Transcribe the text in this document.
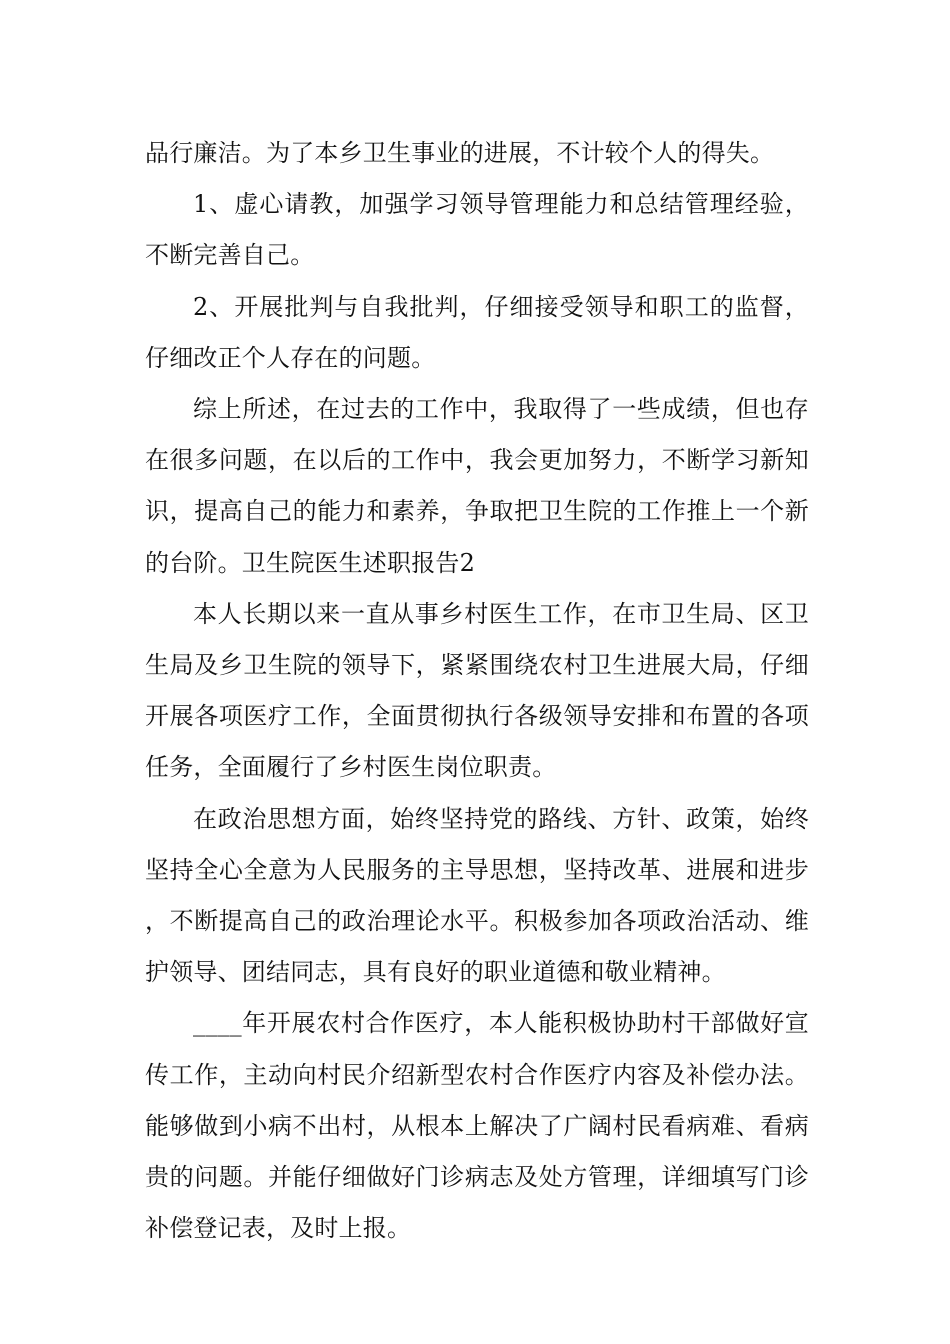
品行廉洁。为了本乡卫生事业的进展，不计较个人的得失。

1、虚心请教，加强学习领导管理能力和总结管理经验，不断完善自己。

2、开展批判与自我批判，仔细接受领导和职工的监督，仔细改正个人存在的问题。

综上所述，在过去的工作中，我取得了一些成绩，但也存在很多问题，在以后的工作中，我会更加努力，不断学习新知识，提高自己的能力和素养，争取把卫生院的工作推上一个新的台阶。卫生院医生述职报告2

本人长期以来一直从事乡村医生工作，在市卫生局、区卫生局及乡卫生院的领导下，紧紧围绕农村卫生进展大局，仔细开展各项医疗工作，全面贯彻执行各级领导安排和布置的各项任务，全面履行了乡村医生岗位职责。

在政治思想方面，始终坚持党的路线、方针、政策，始终坚持全心全意为人民服务的主导思想，坚持改革、进展和进步，不断提高自己的政治理论水平。积极参加各项政治活动、维护领导、团结同志，具有良好的职业道德和敬业精神。

____年开展农村合作医疗，本人能积极协助村干部做好宣传工作，主动向村民介绍新型农村合作医疗内容及补偿办法。能够做到小病不出村，从根本上解决了广阔村民看病难、看病贵的问题。并能仔细做好门诊病志及处方管理，详细填写门诊补偿登记表，及时上报。
